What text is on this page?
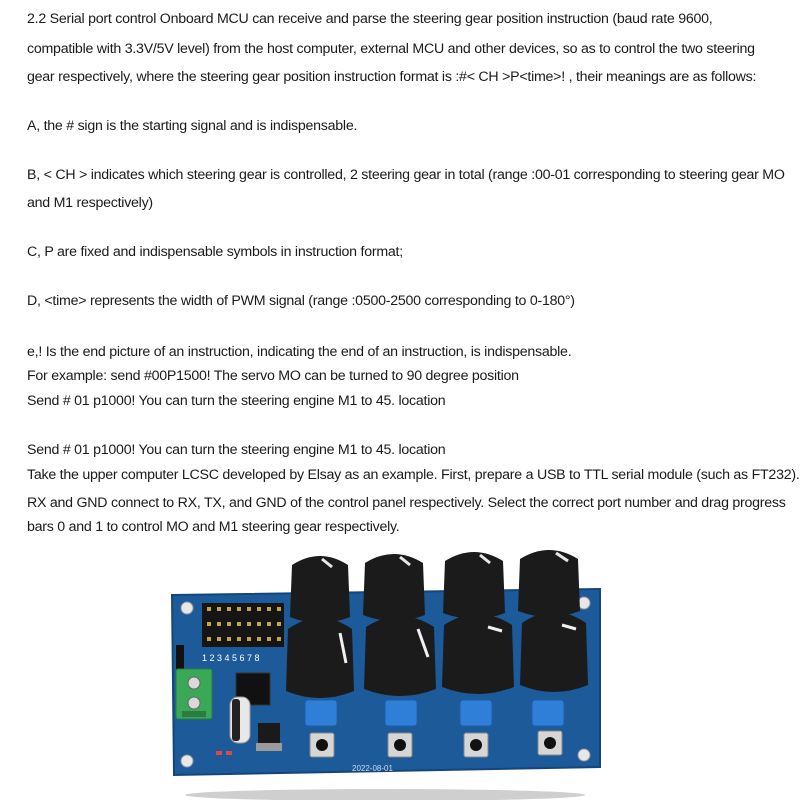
2.2 Serial port control Onboard MCU can receive and parse the steering gear position instruction (baud rate 9600,
compatible with 3.3V/5V level) from the host computer, external MCU and other devices, so as to control the two steering
gear respectively, where the steering gear position instruction format is :#< CH >P<time>! , their meanings are as follows:
A, the # sign is the starting signal and is indispensable.
B, < CH > indicates which steering gear is controlled, 2 steering gear in total (range :00-01 corresponding to steering gear MO
and M1 respectively)
C, P are fixed and indispensable symbols in instruction format;
D, <time> represents the width of PWM signal (range :0500-2500 corresponding to 0-180°)
e,! Is the end picture of an instruction, indicating the end of an instruction, is indispensable.
For example: send #00P1500! The servo MO can be turned to 90 degree position
Send # 01 p1000! You can turn the steering engine M1 to 45. location
Send # 01 p1000! You can turn the steering engine M1 to 45. location
Take the upper computer LCSC developed by Elsay as an example. First, prepare a USB to TTL serial module (such as FT232).
RX and GND connect to RX, TX, and GND of the control panel respectively. Select the correct port number and drag progress
bars 0 and 1 to control MO and M1 steering gear respectively.
1 2 3 4 5 6 7 8
2022-08-01
